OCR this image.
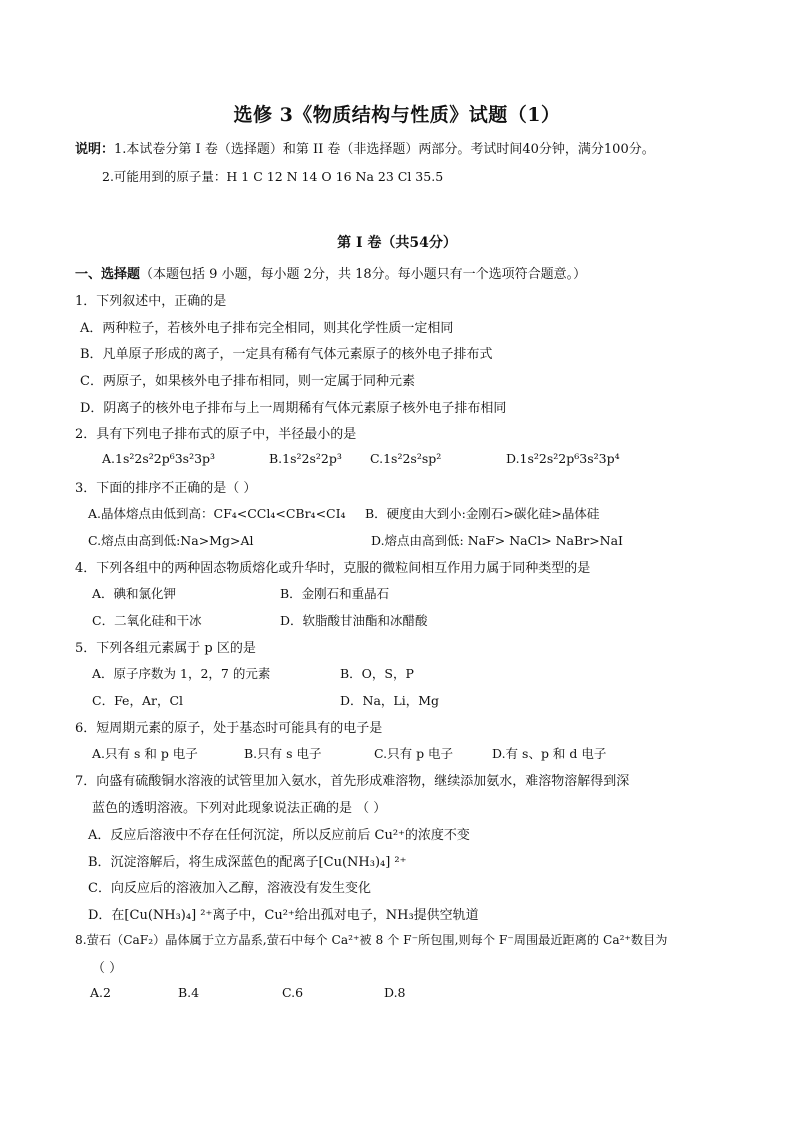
选修 3《物质结构与性质》试题（1）
说明：1.本试卷分第 I 卷（选择题）和第 II 卷（非选择题）两部分。考试时间40分钟，满分100分。
2.可能用到的原子量：H 1 C 12 N 14 O 16 Na 23 Cl 35.5
第 I 卷（共54分）
一、选择题（本题包括 9 小题，每小题 2分，共 18分。每小题只有一个选项符合题意。）
1．下列叙述中，正确的是
A．两种粒子，若核外电子排布完全相同，则其化学性质一定相同
B．凡单原子形成的离子，一定具有稀有气体元素原子的核外电子排布式
C．两原子，如果核外电子排布相同，则一定属于同种元素
D．阴离子的核外电子排布与上一周期稀有气体元素原子核外电子排布相同
2．具有下列电子排布式的原子中，半径最小的是
A.1s²2s²2p⁶3s²3p³	B.1s²2s²2p³ C.1s²2s²sp²	D.1s²2s²2p⁶3s²3p⁴
3．下面的排序不正确的是（ ）
A.晶体熔点由低到高：CF₄<CCl₄<CBr₄<CI₄ B．硬度由大到小:金刚石>碳化硅>晶体硅
C.熔点由高到低:Na>Mg>Al	D.熔点由高到低: NaF> NaCl> NaBr>NaI
4．下列各组中的两种固态物质熔化或升华时，克服的微粒间相互作用力属于同种类型的是
A．碘和氯化钾	B．金刚石和重晶石
C．二氧化硅和干冰	D．软脂酸甘油酯和冰醋酸
5．下列各组元素属于 p 区的是
A．原子序数为 1，2，7 的元素	B．O，S，P
C．Fe，Ar，Cl	D．Na，Li，Mg
6．短周期元素的原子，处于基态时可能具有的电子是
A.只有 s 和 p 电子	B.只有 s 电子	C.只有 p 电子	D.有 s、p 和 d 电子
7．向盛有硫酸铜水溶液的试管里加入氨水，首先形成难溶物，继续添加氨水，难溶物溶解得到深
蓝色的透明溶液。下列对此现象说法正确的是 （ ）
A．反应后溶液中不存在任何沉淀，所以反应前后 Cu²⁺的浓度不变
B．沉淀溶解后，将生成深蓝色的配离子[Cu(NH₃)₄] ²⁺
C．向反应后的溶液加入乙醇，溶液没有发生变化
D．在[Cu(NH₃)₄] ²⁺离子中，Cu²⁺给出孤对电子，NH₃提供空轨道
8.萤石（CaF₂）晶体属于立方晶系,萤石中每个 Ca²⁺被 8 个 F⁻所包围,则每个 F⁻周围最近距离的 Ca²⁺数目为
（ ）
A.2	B.4	C.6	D.8
